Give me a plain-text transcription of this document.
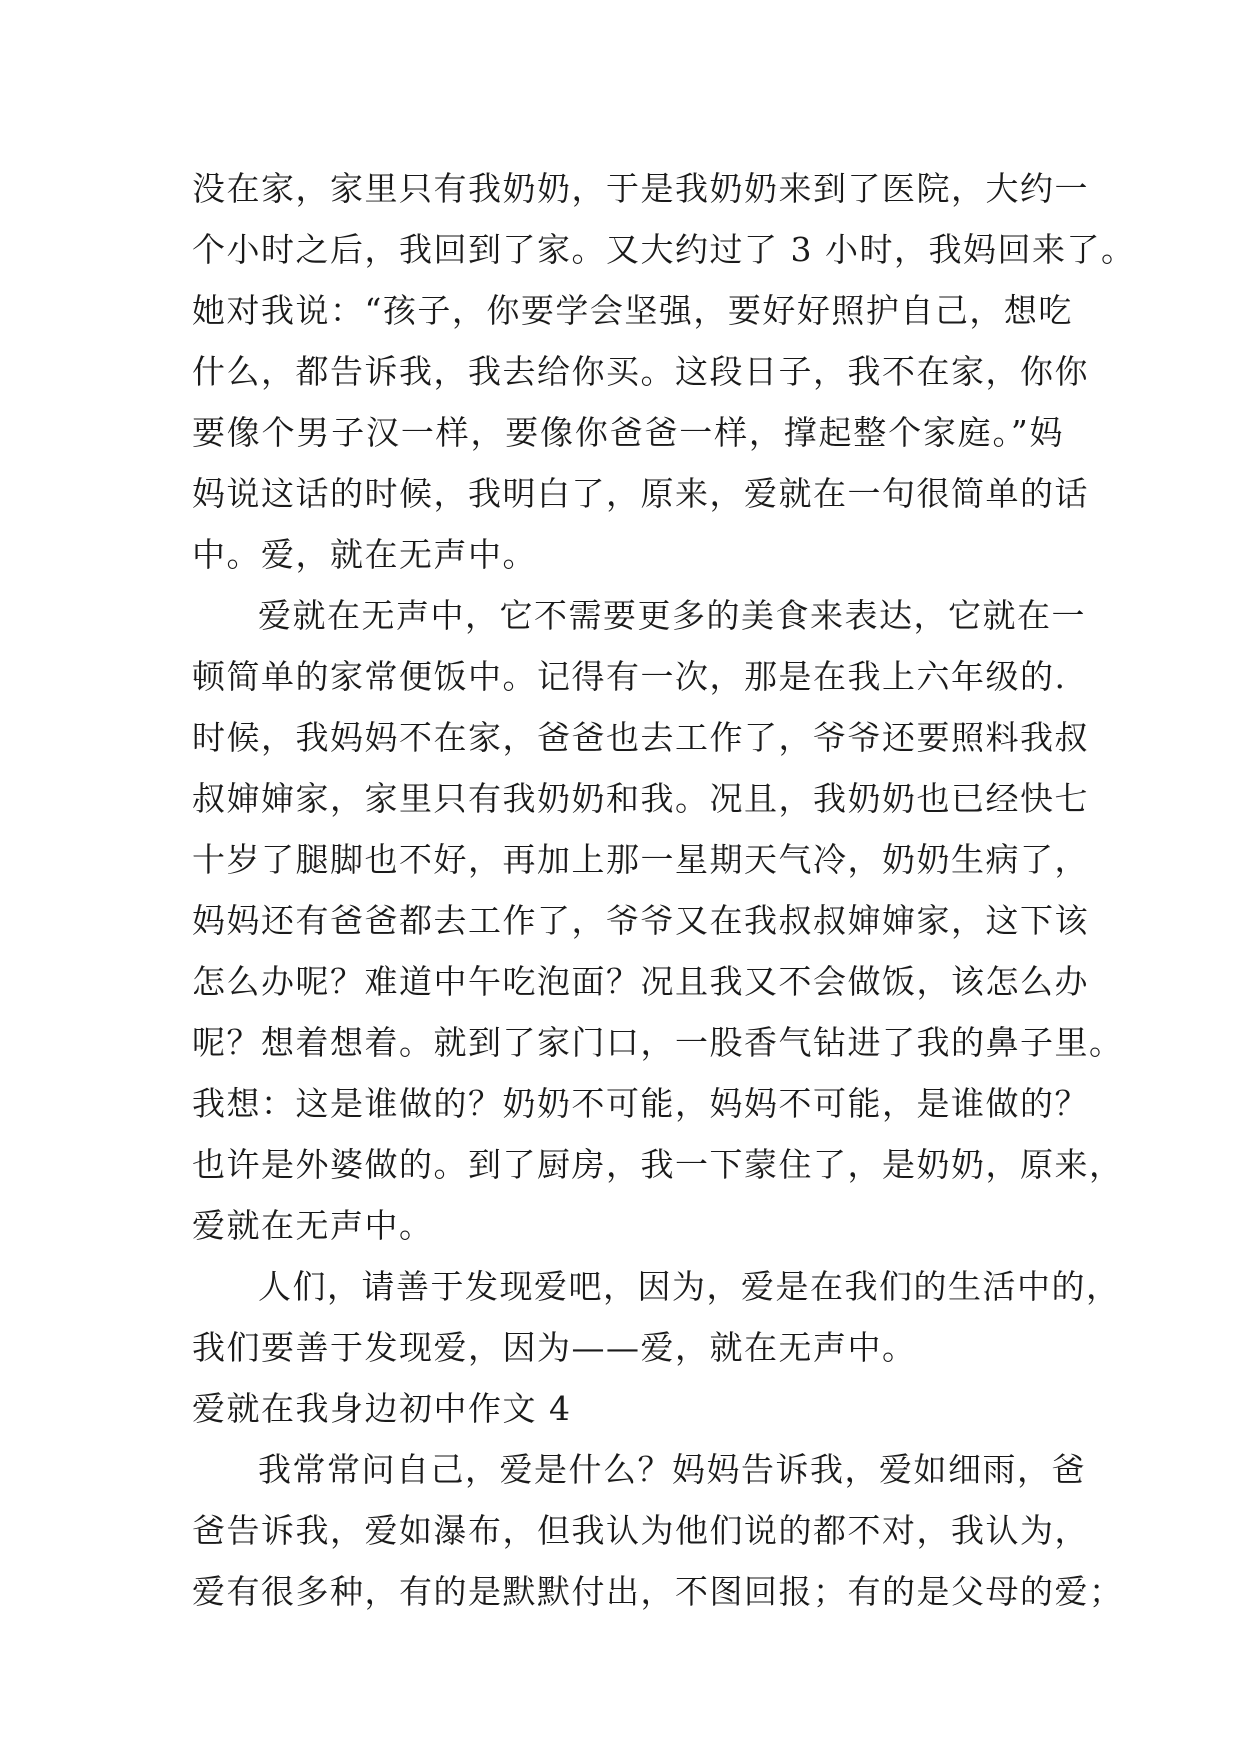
没在家，家里只有我奶奶，于是我奶奶来到了医院，大约一
个小时之后，我回到了家。又大约过了 3 小时，我妈回来了。
她对我说：“孩子，你要学会坚强，要好好照护自己，想吃
什么，都告诉我，我去给你买。这段日子，我不在家，你你
要像个男子汉一样，要像你爸爸一样，撑起整个家庭。”妈
妈说这话的时候，我明白了，原来，爱就在一句很简单的话
中。爱，就在无声中。
爱就在无声中，它不需要更多的美食来表达，它就在一
顿简单的家常便饭中。记得有一次，那是在我上六年级的.
时候，我妈妈不在家，爸爸也去工作了，爷爷还要照料我叔
叔婶婶家，家里只有我奶奶和我。况且，我奶奶也已经快七
十岁了腿脚也不好，再加上那一星期天气冷，奶奶生病了，
妈妈还有爸爸都去工作了，爷爷又在我叔叔婶婶家，这下该
怎么办呢？难道中午吃泡面？况且我又不会做饭，该怎么办
呢？想着想着。就到了家门口，一股香气钻进了我的鼻子里。
我想：这是谁做的？奶奶不可能，妈妈不可能，是谁做的？
也许是外婆做的。到了厨房，我一下蒙住了，是奶奶，原来，
爱就在无声中。
人们，请善于发现爱吧，因为，爱是在我们的生活中的，
我们要善于发现爱，因为——爱，就在无声中。
爱就在我身边初中作文 4
我常常问自己，爱是什么？妈妈告诉我，爱如细雨，爸
爸告诉我，爱如瀑布，但我认为他们说的都不对，我认为，
爱有很多种，有的是默默付出，不图回报；有的是父母的爱；
